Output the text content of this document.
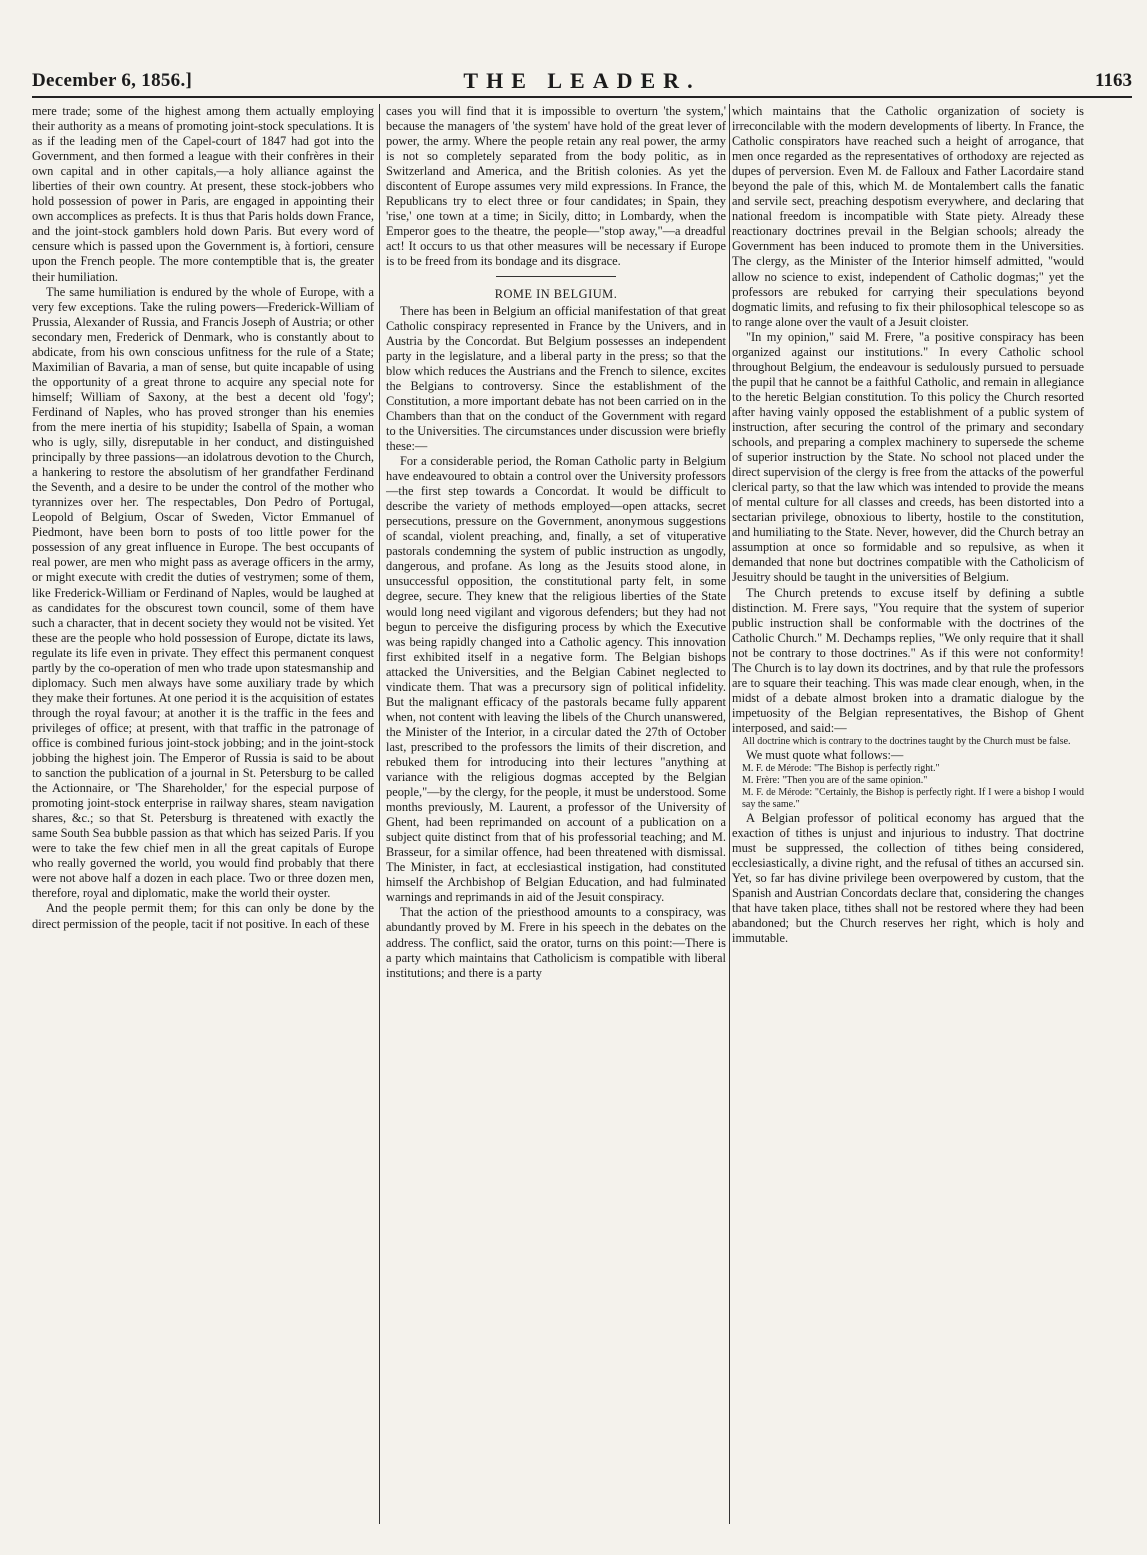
December 6, 1856.]	THE LEADER.	1163

mere trade; some of the highest among them actually employing their authority as a means of promoting joint-stock speculations. It is as if the leading men of the Capel-court of 1847 had got into the Government, and then formed a league with their confrères in their own capital and in other capitals,—a holy alliance against the liberties of their own country. At present, these stock-jobbers who hold possession of power in Paris, are engaged in appointing their own accomplices as prefects. It is thus that Paris holds down France, and the joint-stock gamblers hold down Paris. But every word of censure which is passed upon the Government is, à fortiori, censure upon the French people. The more contemptible that is, the greater their humiliation.

The same humiliation is endured by the whole of Europe, with a very few exceptions. Take the ruling powers—Frederick-William of Prussia, Alexander of Russia, and Francis Joseph of Austria; or other secondary men, Frederick of Denmark, who is constantly about to abdicate, from his own conscious unfitness for the rule of a State; Maximilian of Bavaria, a man of sense, but quite incapable of using the opportunity of a great throne to acquire any special note for himself; William of Saxony, at the best a decent old 'fogy'; Ferdinand of Naples, who has proved stronger than his enemies from the mere inertia of his stupidity; Isabella of Spain, a woman who is ugly, silly, disreputable in her conduct, and distinguished principally by three passions—an idolatrous devotion to the Church, a hankering to restore the absolutism of her grandfather Ferdinand the Seventh, and a desire to be under the control of the mother who tyrannizes over her. The respectables, Don Pedro of Portugal, Leopold of Belgium, Oscar of Sweden, Victor Emmanuel of Piedmont, have been born to posts of too little power for the possession of any great influence in Europe. The best occupants of real power, are men who might pass as average officers in the army, or might execute with credit the duties of vestrymen; some of them, like Frederick-William or Ferdinand of Naples, would be laughed at as candidates for the obscurest town council, some of them have such a character, that in decent society they would not be visited. Yet these are the people who hold possession of Europe, dictate its laws, regulate its life even in private. They effect this permanent conquest partly by the co-operation of men who trade upon statesmanship and diplomacy. Such men always have some auxiliary trade by which they make their fortunes. At one period it is the acquisition of estates through the royal favour; at another it is the traffic in the fees and privileges of office; at present, with that traffic in the patronage of office is combined furious joint-stock jobbing; and in the joint-stock jobbing the highest join. The Emperor of Russia is said to be about to sanction the publication of a journal in St. Petersburg to be called the Actionnaire, or 'The Shareholder,' for the especial purpose of promoting joint-stock enterprise in railway shares, steam navigation shares, &c.; so that St. Petersburg is threatened with exactly the same South Sea bubble passion as that which has seized Paris. If you were to take the few chief men in all the great capitals of Europe who really governed the world, you would find probably that there were not above half a dozen in each place. Two or three dozen men, therefore, royal and diplomatic, make the world their oyster.

And the people permit them; for this can only be done by the direct permission of the people, tacit if not positive. In each of these

cases you will find that it is impossible to overturn 'the system,' because the managers of 'the system' have hold of the great lever of power, the army. Where the people retain any real power, the army is not so completely separated from the body politic, as in Switzerland and America, and the British colonies. As yet the discontent of Europe assumes very mild expressions. In France, the Republicans try to elect three or four candidates; in Spain, they 'rise,' one town at a time; in Sicily, ditto; in Lombardy, when the Emperor goes to the theatre, the people—"stop away,"—a dreadful act! It occurs to us that other measures will be necessary if Europe is to be freed from its bondage and its disgrace.

ROME IN BELGIUM.

There has been in Belgium an official manifestation of that great Catholic conspiracy represented in France by the Univers, and in Austria by the Concordat. But Belgium possesses an independent party in the legislature, and a liberal party in the press; so that the blow which reduces the Austrians and the French to silence, excites the Belgians to controversy. Since the establishment of the Constitution, a more important debate has not been carried on in the Chambers than that on the conduct of the Government with regard to the Universities. The circumstances under discussion were briefly these:—

For a considerable period, the Roman Catholic party in Belgium have endeavoured to obtain a control over the University professors—the first step towards a Concordat. It would be difficult to describe the variety of methods employed—open attacks, secret persecutions, pressure on the Government, anonymous suggestions of scandal, violent preaching, and, finally, a set of vituperative pastorals condemning the system of public instruction as ungodly, dangerous, and profane. As long as the Jesuits stood alone, in unsuccessful opposition, the constitutional party felt, in some degree, secure. They knew that the religious liberties of the State would long need vigilant and vigorous defenders; but they had not begun to perceive the disfiguring process by which the Executive was being rapidly changed into a Catholic agency. This innovation first exhibited itself in a negative form. The Belgian bishops attacked the Universities, and the Belgian Cabinet neglected to vindicate them. That was a precursory sign of political infidelity. But the malignant efficacy of the pastorals became fully apparent when, not content with leaving the libels of the Church unanswered, the Minister of the Interior, in a circular dated the 27th of October last, prescribed to the professors the limits of their discretion, and rebuked them for introducing into their lectures "anything at variance with the religious dogmas accepted by the Belgian people,"—by the clergy, for the people, it must be understood. Some months previously, M. Laurent, a professor of the University of Ghent, had been reprimanded on account of a publication on a subject quite distinct from that of his professorial teaching; and M. Brasseur, for a similar offence, had been threatened with dismissal. The Minister, in fact, at ecclesiastical instigation, had constituted himself the Archbishop of Belgian Education, and had fulminated warnings and reprimands in aid of the Jesuit conspiracy.

That the action of the priesthood amounts to a conspiracy, was abundantly proved by M. Frere in his speech in the debates on the address. The conflict, said the orator, turns on this point:—There is a party which maintains that Catholicism is compatible with liberal institutions; and there is a party

which maintains that the Catholic organization of society is irreconcilable with the modern developments of liberty. In France, the Catholic conspirators have reached such a height of arrogance, that men once regarded as the representatives of orthodoxy are rejected as dupes of perversion. Even M. de Falloux and Father Lacordaire stand beyond the pale of this, which M. de Montalembert calls the fanatic and servile sect, preaching despotism everywhere, and declaring that national freedom is incompatible with State piety. Already these reactionary doctrines prevail in the Belgian schools; already the Government has been induced to promote them in the Universities. The clergy, as the Minister of the Interior himself admitted, "would allow no science to exist, independent of Catholic dogmas;" yet the professors are rebuked for carrying their speculations beyond dogmatic limits, and refusing to fix their philosophical telescope so as to range alone over the vault of a Jesuit cloister.

"In my opinion," said M. Frere, "a positive conspiracy has been organized against our institutions." In every Catholic school throughout Belgium, the endeavour is sedulously pursued to persuade the pupil that he cannot be a faithful Catholic, and remain in allegiance to the heretic Belgian constitution. To this policy the Church resorted after having vainly opposed the establishment of a public system of instruction, after securing the control of the primary and secondary schools, and preparing a complex machinery to supersede the scheme of superior instruction by the State. No school not placed under the direct supervision of the clergy is free from the attacks of the powerful clerical party, so that the law which was intended to provide the means of mental culture for all classes and creeds, has been distorted into a sectarian privilege, obnoxious to liberty, hostile to the constitution, and humiliating to the State. Never, however, did the Church betray an assumption at once so formidable and so repulsive, as when it demanded that none but doctrines compatible with the Catholicism of Jesuitry should be taught in the universities of Belgium.

The Church pretends to excuse itself by defining a subtle distinction. M. Frere says, "You require that the system of superior public instruction shall be conformable with the doctrines of the Catholic Church." M. Dechamps replies, "We only require that it shall not be contrary to those doctrines." As if this were not conformity! The Church is to lay down its doctrines, and by that rule the professors are to square their teaching. This was made clear enough, when, in the midst of a debate almost broken into a dramatic dialogue by the impetuosity of the Belgian representatives, the Bishop of Ghent interposed, and said:—

All doctrine which is contrary to the doctrines taught by the Church must be false.

We must quote what follows:—

M. F. de Mérode: "The Bishop is perfectly right."

M. Frère: "Then you are of the same opinion."

M. F. de Mérode: "Certainly, the Bishop is perfectly right. If I were a bishop I would say the same."

A Belgian professor of political economy has argued that the exaction of tithes is unjust and injurious to industry. That doctrine must be suppressed, the collection of tithes being considered, ecclesiastically, a divine right, and the refusal of tithes an accursed sin. Yet, so far has divine privilege been overpowered by custom, that the Spanish and Austrian Concordats declare that, considering the changes that have taken place, tithes shall not be restored where they had been abandoned; but the Church reserves her right, which is holy and immutable.
